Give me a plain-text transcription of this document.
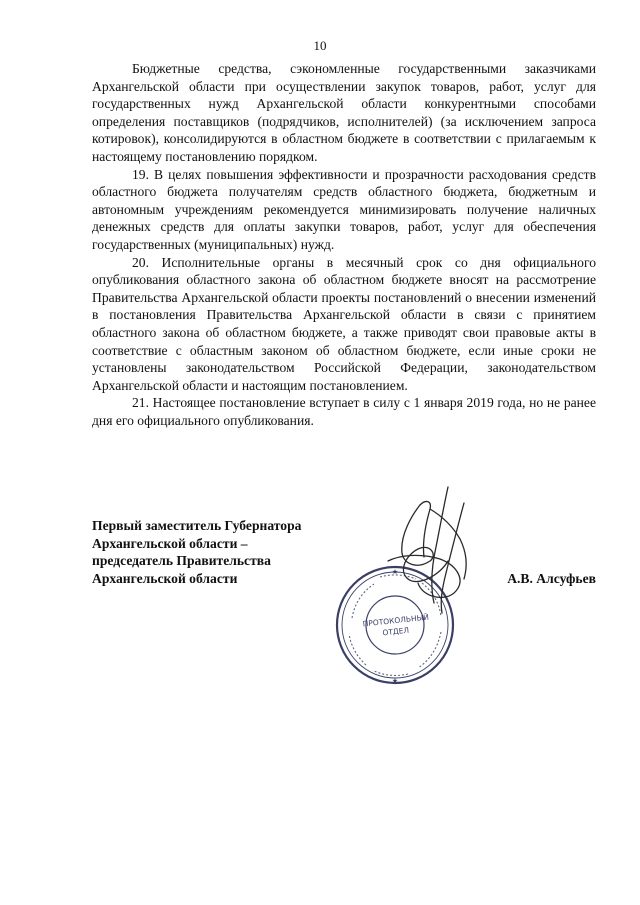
10

Бюджетные средства, сэкономленные государственными заказчиками Архангельской области при осуществлении закупок товаров, работ, услуг для государственных нужд Архангельской области конкурентными способами определения поставщиков (подрядчиков, исполнителей) (за исключением запроса котировок), консолидируются в областном бюджете в соответствии с прилагаемым к настоящему постановлению порядком.

19. В целях повышения эффективности и прозрачности расходования средств областного бюджета получателям средств областного бюджета, бюджетным и автономным учреждениям рекомендуется минимизировать получение наличных денежных средств для оплаты закупки товаров, работ, услуг для обеспечения государственных (муниципальных) нужд.

20. Исполнительные органы в месячный срок со дня официального опубликования областного закона об областном бюджете вносят на рассмотрение Правительства Архангельской области проекты постановлений о внесении изменений в постановления Правительства Архангельской области в связи с принятием областного закона об областном бюджете, а также приводят свои правовые акты в соответствие с областным законом об областном бюджете, если иные сроки не установлены законодательством Российской Федерации, законодательством Архангельской области и настоящим постановлением.

21. Настоящее постановление вступает в силу с 1 января 2019 года, но не ранее дня его официального опубликования.

Первый заместитель Губернатора
Архангельской области –
председатель Правительства
Архангельской области	А.В. Алсуфьев
★
★
ПРОТОКОЛЬНЫЙ
ОТДЕЛ
